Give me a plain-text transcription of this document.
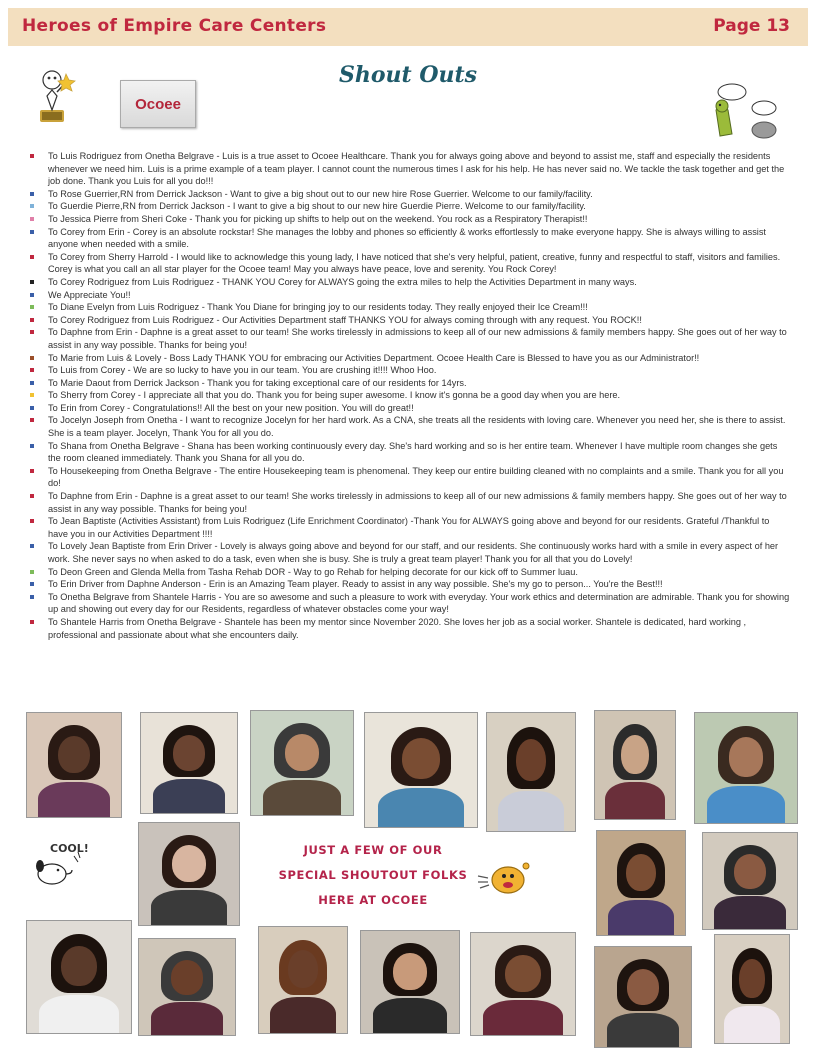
Heroes of Empire Care Centers	Page 13
Shout Outs
Ocoee

To Luis Rodriguez from Onetha Belgrave - Luis is a true asset to Ocoee Healthcare. Thank you for always going above and beyond to assist me, staff and especially the residents whenever we need him. Luis is a prime example of a team player. I cannot count the numerous times I ask for his help. He has never said no. We tackle the task together and get the job done. Thank you Luis for all you do!!!

To Rose Guerrier,RN from Derrick Jackson - Want to give a big shout out to our new hire Rose Guerrier. Welcome to our family/facility.

To Guerdie Pierre,RN from Derrick Jackson - I want to give a big shout to our new hire Guerdie Pierre. Welcome to our family/facility.

To Jessica Pierre from Sheri Coke - Thank you for picking up shifts to help out on the weekend. You rock as a Respiratory Therapist!!

To Corey from Erin - Corey is an absolute rockstar! She manages the lobby and phones so efficiently & works effortlessly to make everyone happy. She is always willing to assist anyone when needed with a smile.

To Corey from Sherry Harrold - I would like to acknowledge this young lady, I have noticed that she's very helpful, patient, creative, funny and respectful to staff, visitors and families. Corey is what you call an all star player for the Ocoee team! May you always have peace, love and serenity. You Rock Corey!

To Corey Rodriguez from Luis Rodriguez - THANK YOU Corey for ALWAYS going the extra miles to help the Activities Department in many ways.

We Appreciate You!!

To Diane Evelyn from Luis Rodriguez - Thank You Diane for bringing joy to our residents today. They really enjoyed their Ice Cream!!!

To Corey Rodriguez from Luis Rodriguez - Our Activities Department staff THANKS YOU for always coming through with any request. You ROCK!!

To Daphne from Erin - Daphne is a great asset to our team! She works tirelessly in admissions to keep all of our new admissions & family members happy. She goes out of her way to assist in any way possible. Thanks for being you!

To Marie from Luis & Lovely - Boss Lady THANK YOU for embracing our Activities Department. Ocoee Health Care is Blessed to have you as our Administrator!!

To Luis from Corey - We are so lucky to have you in our team. You are crushing it!!!! Whoo Hoo.

To Marie Daout from Derrick Jackson - Thank you for taking exceptional care of our residents for 14yrs.

To Sherry from Corey - I appreciate all that you do. Thank you for being super awesome. I know it's gonna be a good day when you are here.

To Erin from Corey - Congratulations!! All the best on your new position. You will do great!!

To Jocelyn Joseph from Onetha - I want to recognize Jocelyn for her hard work. As a CNA, she treats all the residents with loving care. Whenever you need her, she is there to assist. She is a team player. Jocelyn, Thank You for all you do.

To Shana from Onetha Belgrave - Shana has been working continuously every day. She's hard working and so is her entire team. Whenever I have multiple room changes she gets the room cleaned immediately. Thank you Shana for all you do.

To Housekeeping from Onetha Belgrave - The entire Housekeeping team is phenomenal. They keep our entire building cleaned with no complaints and a smile. Thank you for all you do!

To Daphne from Erin - Daphne is a great asset to our team! She works tirelessly in admissions to keep all of our new admissions & family members happy. She goes out of her way to assist in any way possible. Thanks for being you!

To Jean Baptiste (Activities Assistant) from Luis Rodriguez (Life Enrichment Coordinator) -Thank You for ALWAYS going above and beyond for our residents. Grateful /Thankful to have you in our Activities Department !!!!

To Lovely Jean Baptiste from Erin Driver - Lovely is always going above and beyond for our staff, and our residents. She continuously works hard with a smile in every aspect of her work. She never says no when asked to do a task, even when she is busy. She is truly a great team player! Thank you for all that you do Lovely!

To Deon Green and Glenda Mella from Tasha Rehab DOR - Way to go Rehab for helping decorate for our kick off to Summer luau.

To Erin Driver from Daphne Anderson - Erin is an Amazing Team player. Ready to assist in any way possible. She's my go to person... You're the Best!!!

To Onetha Belgrave from Shantele Harris - You are so awesome and such a pleasure to work with everyday. Your work ethics and determination are admirable. Thank you for showing up and showing out every day for our Residents, regardless of whatever obstacles come your way!

To Shantele Harris from Onetha Belgrave - Shantele has been my mentor since November 2020. She loves her job as a social worker. Shantele is dedicated, hard working , professional and passionate about what she encounters daily.

COOL!	JUST A FEW OF OUR
SPECIAL SHOUTOUT FOLKS
HERE AT OCOEE
